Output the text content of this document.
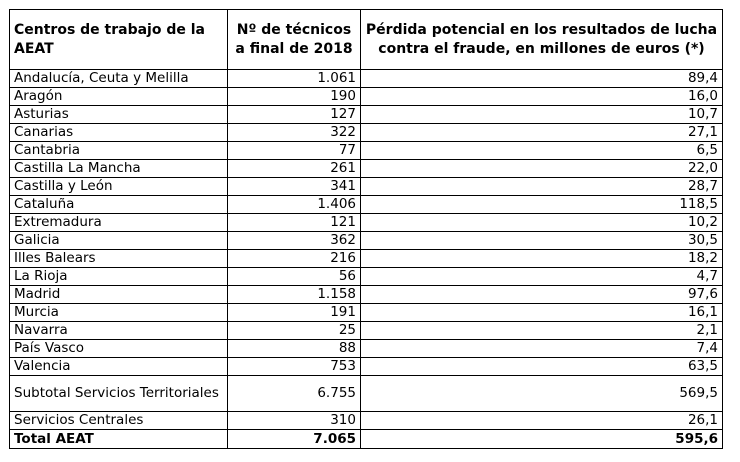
Centros de trabajo de la AEAT	Nº de técnicos a final de 2018	Pérdida potencial en los resultados de lucha contra el fraude, en millones de euros (*)
Andalucía, Ceuta y Melilla	1.061	89,4
Aragón	190	16,0
Asturias	127	10,7
Canarias	322	27,1
Cantabria	77	6,5
Castilla La Mancha	261	22,0
Castilla y León	341	28,7
Cataluña	1.406	118,5
Extremadura	121	10,2
Galicia	362	30,5
Illes Balears	216	18,2
La Rioja	56	4,7
Madrid	1.158	97,6
Murcia	191	16,1
Navarra	25	2,1
País Vasco	88	7,4
Valencia	753	63,5
Subtotal Servicios Territoriales	6.755	569,5
Servicios Centrales	310	26,1
Total AEAT	7.065	595,6
